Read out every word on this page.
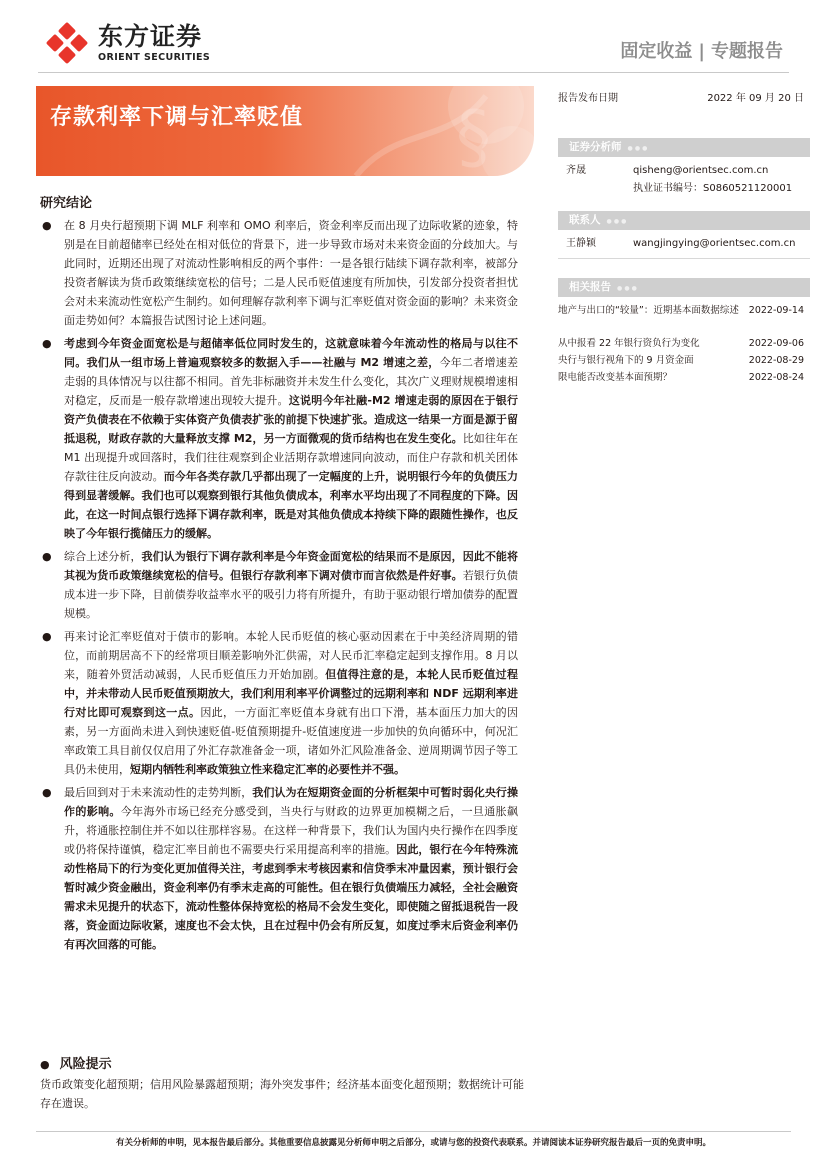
东方证券
ORIENT SECURITIES	固定收益 | 专题报告
§
存款利率下调与汇率贬值
报告发布日期	2022 年 09 月 20 日
证券分析师 ● ● ●
齐晟	qisheng@orientsec.com.cn
执业证书编号：S0860521120001
联系人 ● ● ●
王静颖	wangjingying@orientsec.com.cn
相关报告 ● ● ●
地产与出口的“较量”：近期基本面数据综述	2022-09-14
从中报看 22 年银行资负行为变化	2022-09-06
央行与银行视角下的 9 月资金面	2022-08-29
限电能否改变基本面预期？	2022-08-24
研究结论
● 在 8 月央行超预期下调 MLF 利率和 OMO 利率后，资金利率反而出现了边际收紧的迹象，特别是在目前超储率已经处在相对低位的背景下，进一步导致市场对未来资金面的分歧加大。与此同时，近期还出现了对流动性影响相反的两个事件：一是各银行陆续下调存款利率，被部分投资者解读为货币政策继续宽松的信号；二是人民币贬值速度有所加快，引发部分投资者担忧会对未来流动性宽松产生制约。如何理解存款利率下调与汇率贬值对资金面的影响？未来资金面走势如何？本篇报告试图讨论上述问题。
● 考虑到今年资金面宽松是与超储率低位同时发生的，这就意味着今年流动性的格局与以往不同。我们从一组市场上普遍观察较多的数据入手——社融与 M2 增速之差，今年二者增速差走弱的具体情况与以往都不相同。首先非标融资并未发生什么变化，其次广义理财规模增速相对稳定，反而是一般存款增速出现较大提升。这说明今年社融-M2 增速走弱的原因在于银行资产负债表在不依赖于实体资产负债表扩张的前提下快速扩张。造成这一结果一方面是源于留抵退税，财政存款的大量释放支撑 M2，另一方面微观的货币结构也在发生变化。比如往年在 M1 出现提升或回落时，我们往往观察到企业活期存款增速同向波动，而住户存款和机关团体存款往往反向波动。而今年各类存款几乎都出现了一定幅度的上升，说明银行今年的负债压力得到显著缓解。我们也可以观察到银行其他负债成本，利率水平均出现了不同程度的下降。因此，在这一时间点银行选择下调存款利率，既是对其他负债成本持续下降的跟随性操作，也反映了今年银行揽储压力的缓解。
● 综合上述分析，我们认为银行下调存款利率是今年资金面宽松的结果而不是原因，因此不能将其视为货币政策继续宽松的信号。但银行存款利率下调对债市而言依然是件好事。若银行负债成本进一步下降，目前债券收益率水平的吸引力将有所提升，有助于驱动银行增加债券的配置规模。
● 再来讨论汇率贬值对于债市的影响。本轮人民币贬值的核心驱动因素在于中美经济周期的错位，而前期居高不下的经常项目顺差影响外汇供需，对人民币汇率稳定起到支撑作用。8 月以来，随着外贸活动减弱，人民币贬值压力开始加剧。但值得注意的是，本轮人民币贬值过程中，并未带动人民币贬值预期放大，我们利用利率平价调整过的远期利率和 NDF 远期利率进行对比即可观察到这一点。因此，一方面汇率贬值本身就有出口下滑，基本面压力加大的因素，另一方面尚未进入到快速贬值-贬值预期提升-贬值速度进一步加快的负向循环中，何况汇率政策工具目前仅仅启用了外汇存款准备金一项，诸如外汇风险准备金、逆周期调节因子等工具仍未使用，短期内牺牲利率政策独立性来稳定汇率的必要性并不强。
● 最后回到对于未来流动性的走势判断，我们认为在短期资金面的分析框架中可暂时弱化央行操作的影响。今年海外市场已经充分感受到，当央行与财政的边界更加模糊之后，一旦通胀飙升，将通胀控制住并不如以往那样容易。在这样一种背景下，我们认为国内央行操作在四季度或仍将保持谨慎，稳定汇率目前也不需要央行采用提高利率的措施。因此，银行在今年特殊流动性格局下的行为变化更加值得关注，考虑到季末考核因素和信贷季末冲量因素，预计银行会暂时减少资金融出，资金利率仍有季末走高的可能性。但在银行负债端压力减轻，全社会融资需求未见提升的状态下，流动性整体保持宽松的格局不会发生变化，即使随之留抵退税告一段落，资金面边际收紧，速度也不会太快，且在过程中仍会有所反复，如度过季末后资金利率仍有再次回落的可能。
● 风险提示
货币政策变化超预期；信用风险暴露超预期；海外突发事件；经济基本面变化超预期；数据统计可能存在遗误。
有关分析师的申明，见本报告最后部分。其他重要信息披露见分析师申明之后部分，或请与您的投资代表联系。并请阅读本证券研究报告最后一页的免责申明。
